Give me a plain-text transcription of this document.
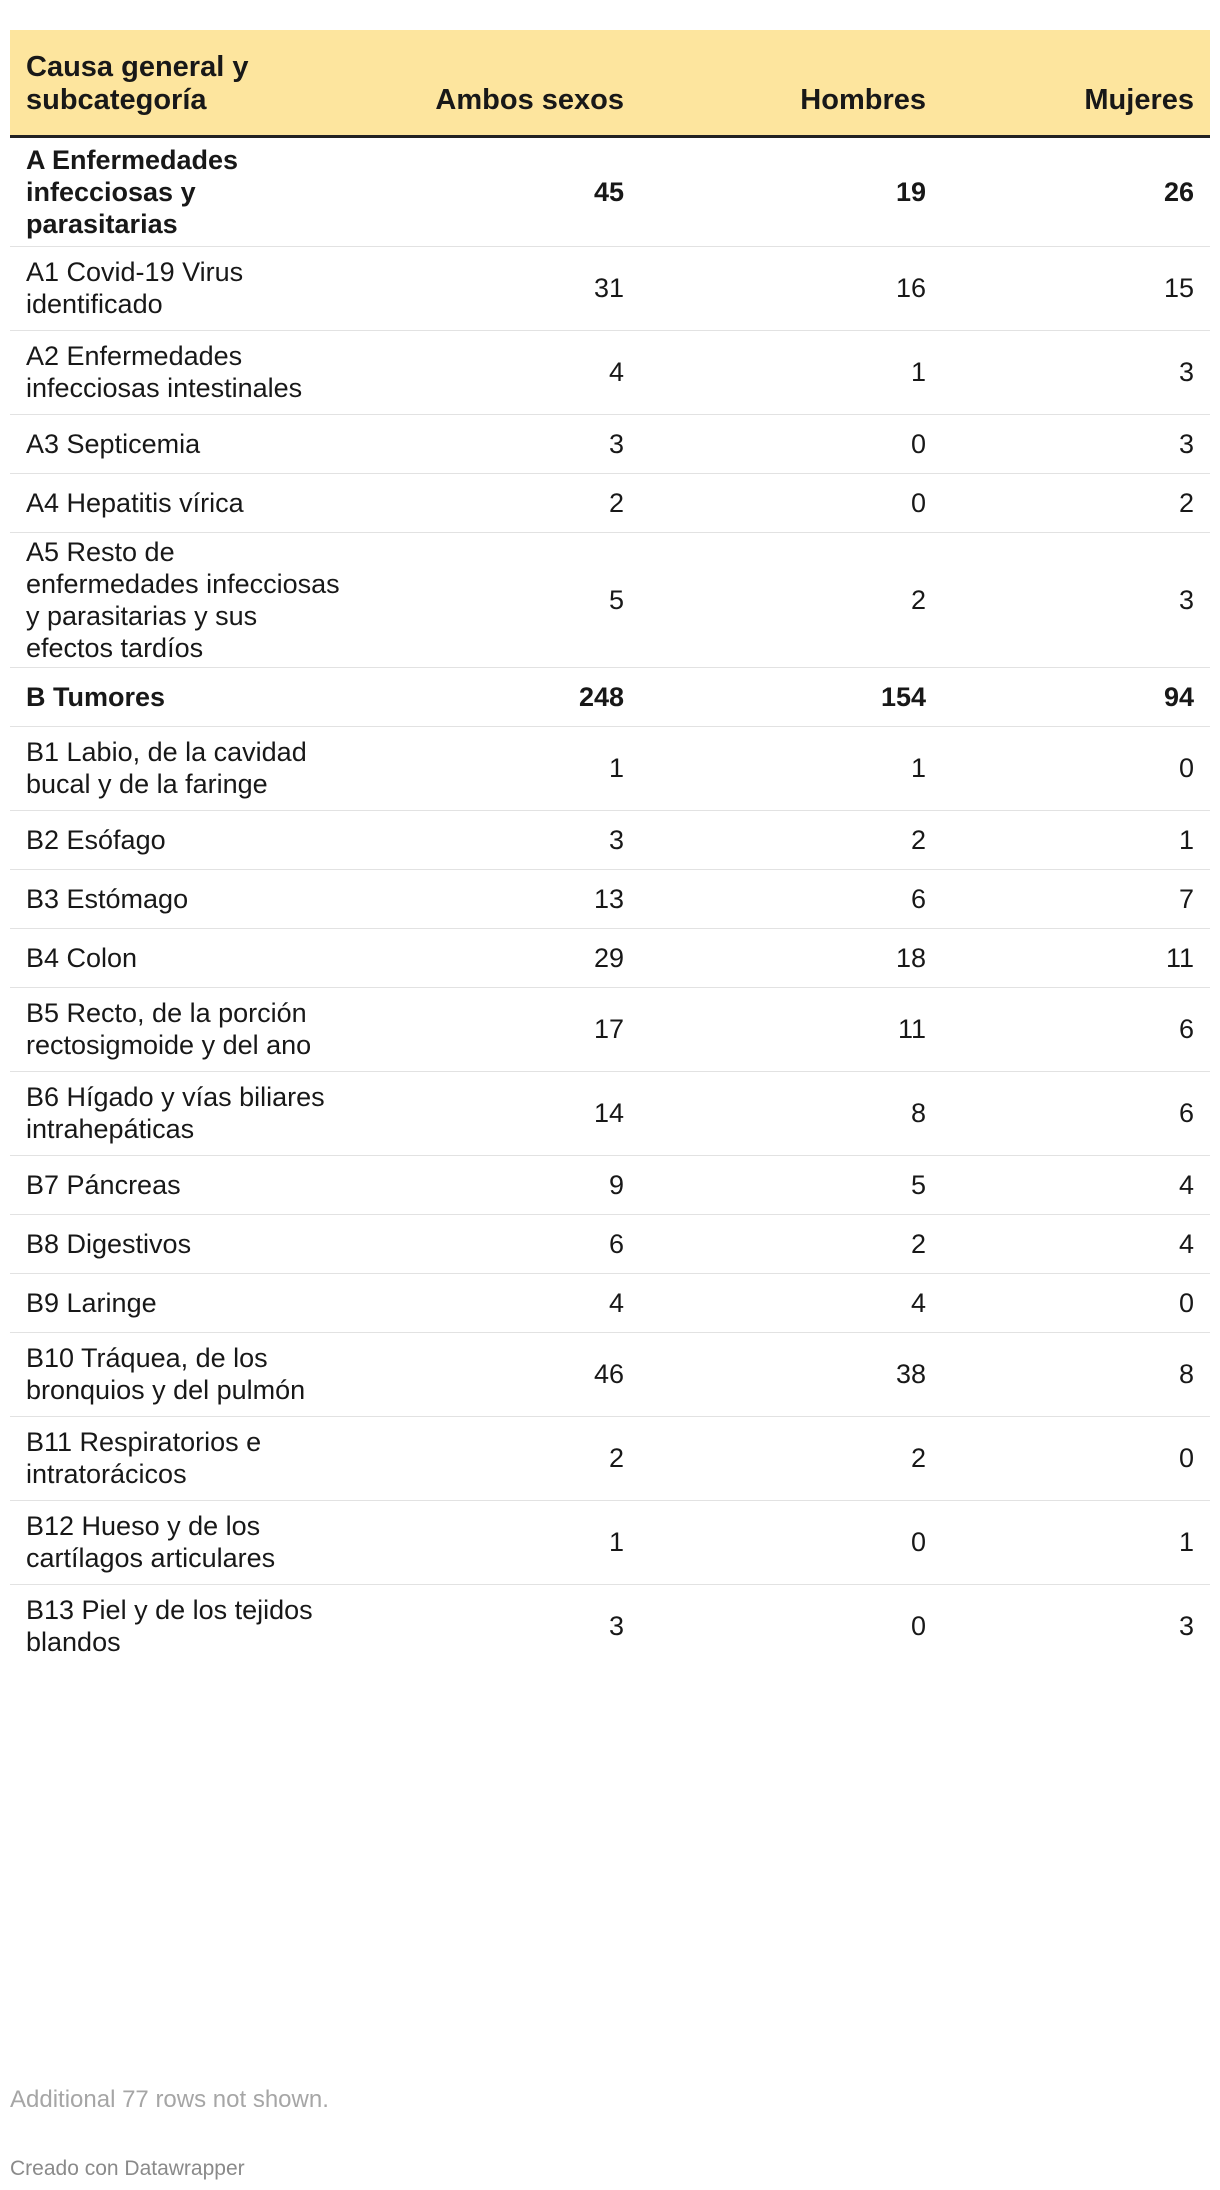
Causa general y subcategoría	Ambos sexos	Hombres	Mujeres
A Enfermedades infecciosas y parasitarias	45	19	26
A1 Covid-19 Virus identificado	31	16	15
A2 Enfermedades infecciosas intestinales	4	1	3
A3 Septicemia	3	0	3
A4 Hepatitis vírica	2	0	2
A5 Resto de enfermedades infecciosas y parasitarias y sus efectos tardíos	5	2	3
B Tumores	248	154	94
B1 Labio, de la cavidad bucal y de la faringe	1	1	0
B2 Esófago	3	2	1
B3 Estómago	13	6	7
B4 Colon	29	18	11
B5 Recto, de la porción rectosigmoide y del ano	17	11	6
B6 Hígado y vías biliares intrahepáticas	14	8	6
B7 Páncreas	9	5	4
B8 Digestivos	6	2	4
B9 Laringe	4	4	0
B10 Tráquea, de los bronquios y del pulmón	46	38	8
B11 Respiratorios e intratorácicos	2	2	0
B12 Hueso y de los cartílagos articulares	1	0	1
B13 Piel y de los tejidos blandos	3	0	3
Additional 77 rows not shown.
Creado con Datawrapper
